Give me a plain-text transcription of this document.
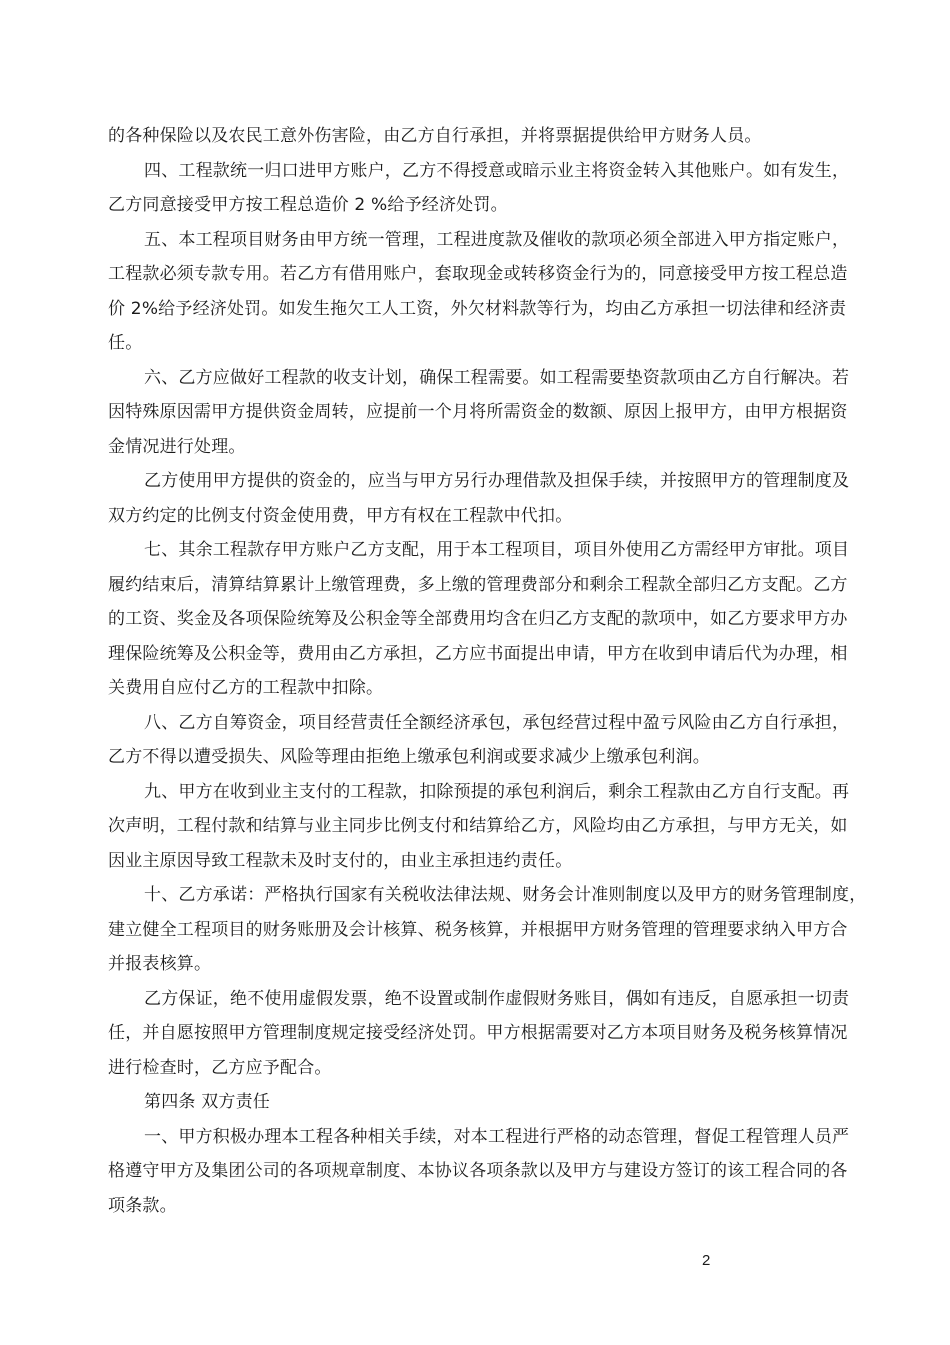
的各种保险以及农民工意外伤害险，由乙方自行承担，并将票据提供给甲方财务人员。
四、工程款统一归口进甲方账户，乙方不得授意或暗示业主将资金转入其他账户。如有发生，
乙方同意接受甲方按工程总造价 2 %给予经济处罚。
五、本工程项目财务由甲方统一管理，工程进度款及催收的款项必须全部进入甲方指定账户，
工程款必须专款专用。若乙方有借用账户，套取现金或转移资金行为的，同意接受甲方按工程总造
价 2%给予经济处罚。如发生拖欠工人工资，外欠材料款等行为，均由乙方承担一切法律和经济责
任。
六、乙方应做好工程款的收支计划，确保工程需要。如工程需要垫资款项由乙方自行解决。若
因特殊原因需甲方提供资金周转，应提前一个月将所需资金的数额、原因上报甲方，由甲方根据资
金情况进行处理。
乙方使用甲方提供的资金的，应当与甲方另行办理借款及担保手续，并按照甲方的管理制度及
双方约定的比例支付资金使用费，甲方有权在工程款中代扣。
七、其余工程款存甲方账户乙方支配，用于本工程项目，项目外使用乙方需经甲方审批。项目
履约结束后，清算结算累计上缴管理费，多上缴的管理费部分和剩余工程款全部归乙方支配。乙方
的工资、奖金及各项保险统筹及公积金等全部费用均含在归乙方支配的款项中，如乙方要求甲方办
理保险统筹及公积金等，费用由乙方承担，乙方应书面提出申请，甲方在收到申请后代为办理，相
关费用自应付乙方的工程款中扣除。
八、乙方自筹资金，项目经营责任全额经济承包，承包经营过程中盈亏风险由乙方自行承担，
乙方不得以遭受损失、风险等理由拒绝上缴承包利润或要求减少上缴承包利润。
九、甲方在收到业主支付的工程款，扣除预提的承包利润后，剩余工程款由乙方自行支配。再
次声明，工程付款和结算与业主同步比例支付和结算给乙方，风险均由乙方承担，与甲方无关，如
因业主原因导致工程款未及时支付的，由业主承担违约责任。
十、乙方承诺：严格执行国家有关税收法律法规、财务会计准则制度以及甲方的财务管理制度，
建立健全工程项目的财务账册及会计核算、税务核算，并根据甲方财务管理的管理要求纳入甲方合
并报表核算。
乙方保证，绝不使用虚假发票，绝不设置或制作虚假财务账目，偶如有违反，自愿承担一切责
任，并自愿按照甲方管理制度规定接受经济处罚。甲方根据需要对乙方本项目财务及税务核算情况
进行检查时，乙方应予配合。
第四条 双方责任
一、甲方积极办理本工程各种相关手续，对本工程进行严格的动态管理，督促工程管理人员严
格遵守甲方及集团公司的各项规章制度、本协议各项条款以及甲方与建设方签订的该工程合同的各
项条款。
2
